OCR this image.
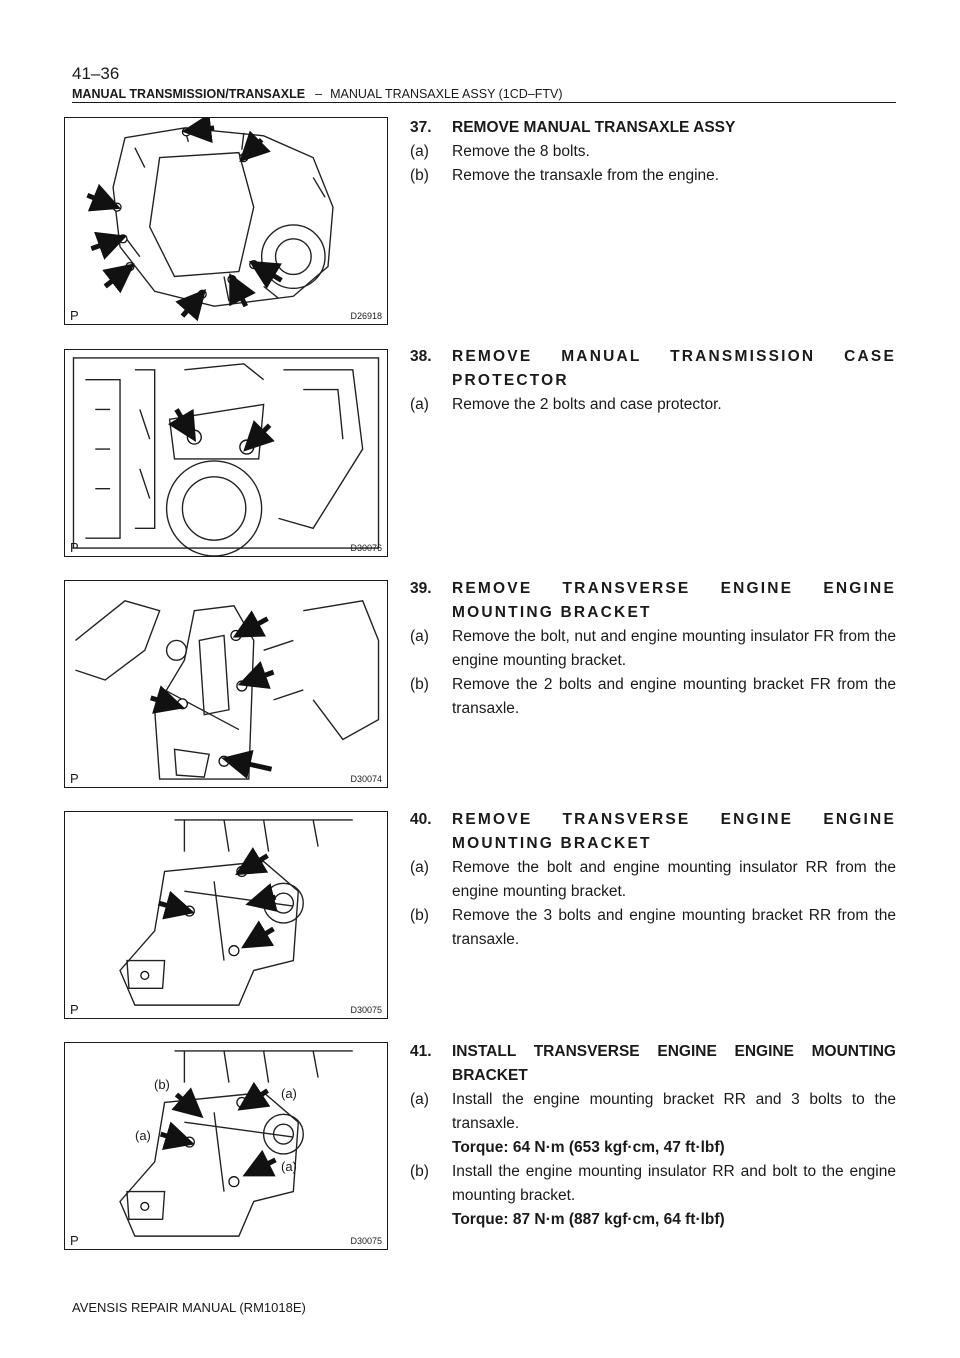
41–36
MANUAL TRANSMISSION/TRANSAXLE – MANUAL TRANSAXLE ASSY (1CD–FTV)
P	D26918
37.	REMOVE MANUAL TRANSAXLE ASSY
(a) Remove the 8 bolts.
(b) Remove the transaxle from the engine.
P	D30076
38.	REMOVE MANUAL TRANSMISSION CASE PROTECTOR
(a) Remove the 2 bolts and case protector.
P	D30074
39.	REMOVE TRANSVERSE ENGINE ENGINE MOUNTING BRACKET
(a) Remove the bolt, nut and engine mounting insulator FR from the engine mounting bracket.
(b) Remove the 2 bolts and engine mounting bracket FR from the transaxle.
P	D30075
40.	REMOVE TRANSVERSE ENGINE ENGINE MOUNTING BRACKET
(a) Remove the bolt and engine mounting insulator RR from the engine mounting bracket.
(b) Remove the 3 bolts and engine mounting bracket RR from the transaxle.
(b)
(a)
(a)
(a)
P	D30075
41.	INSTALL TRANSVERSE ENGINE ENGINE MOUNTING BRACKET
(a) Install the engine mounting bracket RR and 3 bolts to the transaxle.
Torque: 64 N·m (653 kgf·cm, 47 ft·lbf)
(b) Install the engine mounting insulator RR and bolt to the engine mounting bracket.
Torque: 87 N·m (887 kgf·cm, 64 ft·lbf)
AVENSIS REPAIR MANUAL (RM1018E)
